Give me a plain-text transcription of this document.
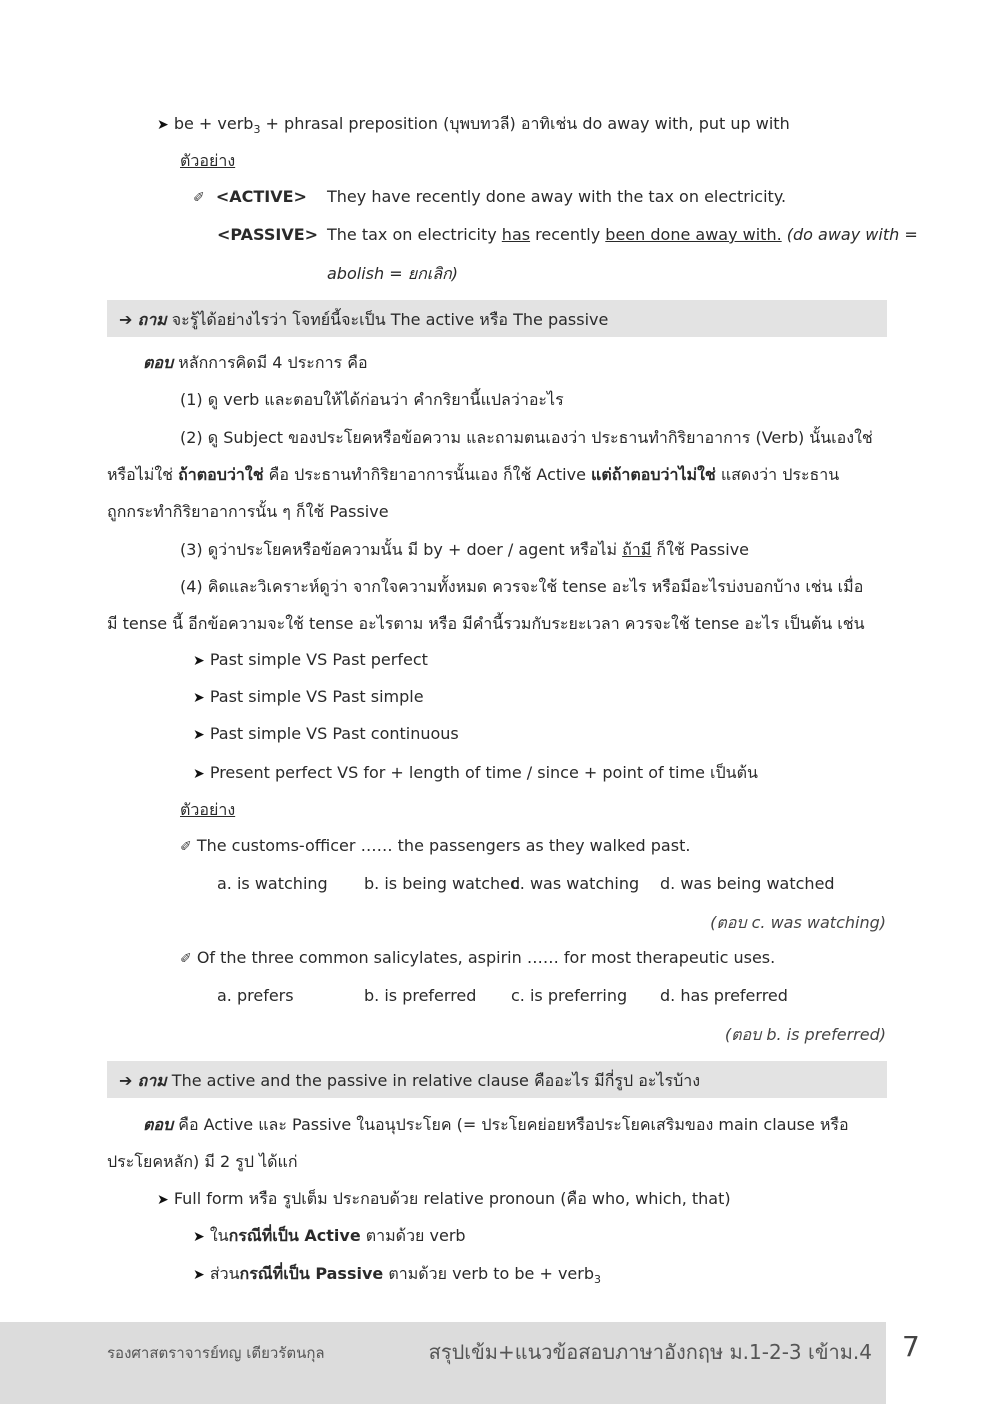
➤ be + verb$_3$ + phrasal preposition (บุพบทวลี) อาทิเช่น do away with, put up with
ตัวอย่าง
✐ <ACTIVE> They have recently done away with the tax on electricity.
<PASSIVE> The tax on electricity has recently been done away with. (do away with =
abolish = ยกเลิก)
➔ ถาม จะรู้ได้อย่างไรว่า โจทย์นี้จะเป็น The active หรือ The passive
ตอบ หลักการคิดมี 4 ประการ คือ
(1) ดู verb และตอบให้ได้ก่อนว่า คำกริยานี้แปลว่าอะไร
(2) ดู Subject ของประโยคหรือข้อความ และถามตนเองว่า ประธานทำกิริยาอาการ (Verb) นั้นเองใช่
หรือไม่ใช่ ถ้าตอบว่าใช่ คือ ประธานทำกิริยาอาการนั้นเอง ก็ใช้ Active แต่ถ้าตอบว่าไม่ใช่ แสดงว่า ประธาน
ถูกกระทำกิริยาอาการนั้น ๆ ก็ใช้ Passive
(3) ดูว่าประโยคหรือข้อความนั้น มี by + doer / agent หรือไม่ ถ้ามี ก็ใช้ Passive
(4) คิดและวิเคราะห์ดูว่า จากใจความทั้งหมด ควรจะใช้ tense อะไร หรือมีอะไรบ่งบอกบ้าง เช่น เมื่อ
มี tense นี้ อีกข้อความจะใช้ tense อะไรตาม หรือ มีคำนี้รวมกับระยะเวลา ควรจะใช้ tense อะไร เป็นต้น เช่น
➤ Past simple VS Past perfect
➤ Past simple VS Past simple
➤ Past simple VS Past continuous
➤ Present perfect VS for + length of time / since + point of time เป็นต้น
ตัวอย่าง
✐ The customs-officer …… the passengers as they walked past.
a. is watching b. is being watched
c. was watching d. was being watched
(ตอบ c. was watching)
✐ Of the three common salicylates, aspirin …… for most therapeutic uses.
a. prefers	b. is preferred c. is preferring d. has preferred
(ตอบ b. is preferred)
➔ ถาม The active and the passive in relative clause คืออะไร มีกี่รูป อะไรบ้าง
ตอบ คือ Active และ Passive ในอนุประโยค (= ประโยคย่อยหรือประโยคเสริมของ main clause หรือ
ประโยคหลัก) มี 2 รูป ได้แก่
➤ Full form หรือ รูปเต็ม ประกอบด้วย relative pronoun (คือ who, which, that)
➤ ในกรณีที่เป็น Active ตามด้วย verb
➤ ส่วนกรณีที่เป็น Passive ตามด้วย verb to be + verb$_3$
รองศาสตราจารย์ทญ เตียวรัตนกุล	สรุปเข้ม+แนวข้อสอบภาษาอังกฤษ ม.1-2-3 เข้าม.4 7
